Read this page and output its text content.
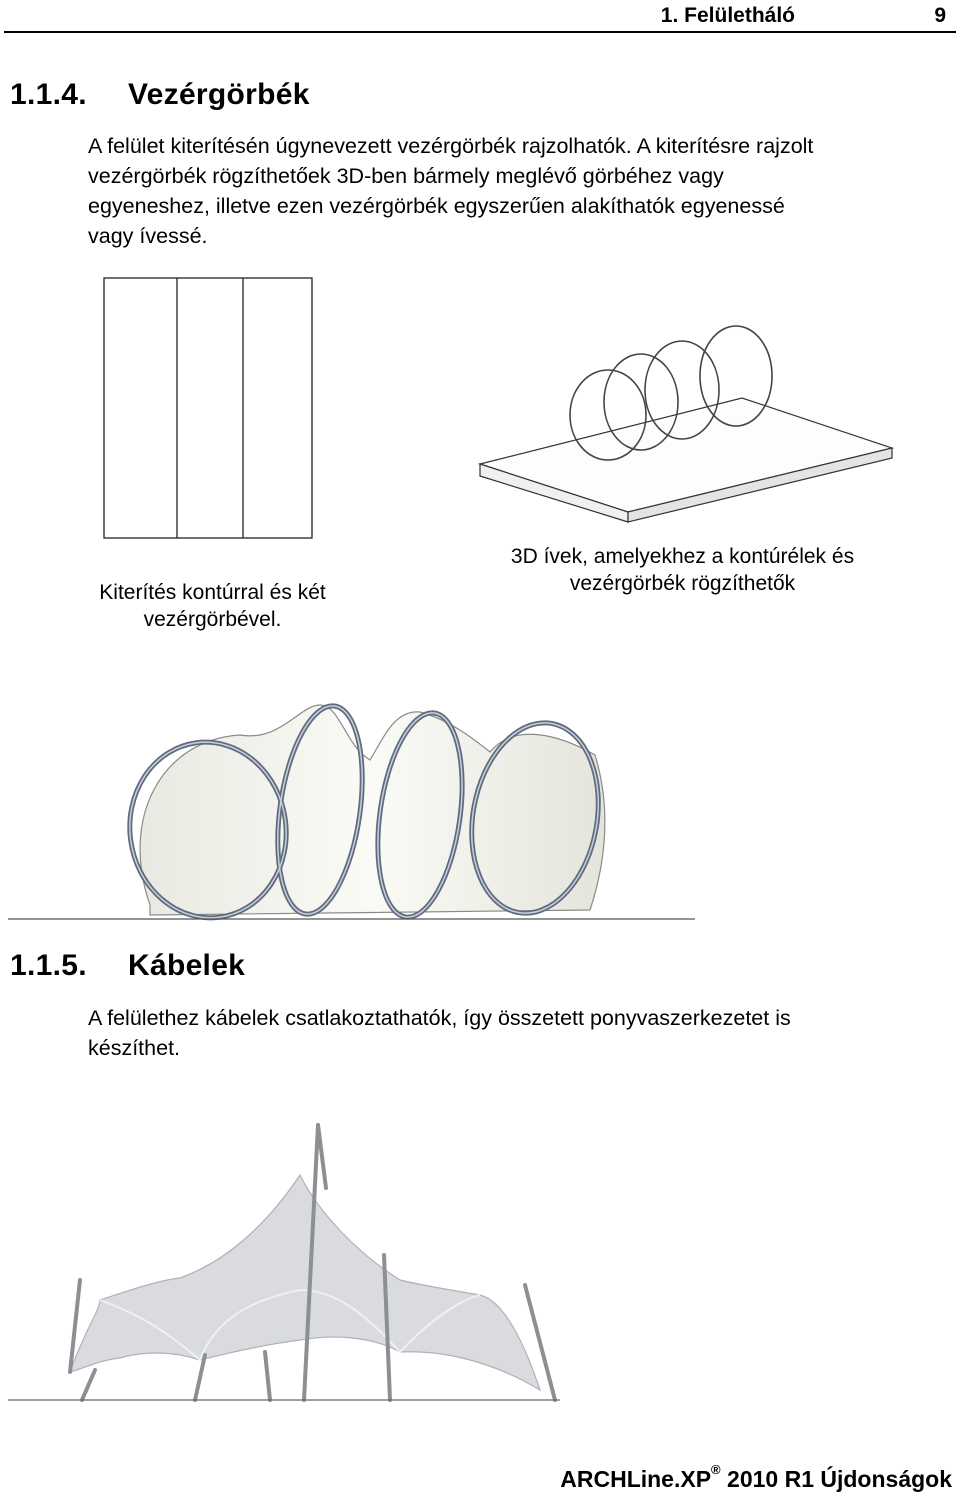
1. Felületháló	9
1.1.4. Vezérgörbék
A felület kiterítésén úgynevezett vezérgörbék rajzolhatók. A kiterítésre rajzolt
vezérgörbék rögzíthetőek 3D-ben bármely meglévő görbéhez vagy
egyeneshez, illetve ezen vezérgörbék egyszerűen alakíthatók egyenessé
vagy ívessé.
Kiterítés kontúrral és két
vezérgörbével.
3D ívek, amelyekhez a kontúrélek és
vezérgörbék rögzíthetők
1.1.5. Kábelek
A felülethez kábelek csatlakoztathatók, így összetett ponyvaszerkezetet is
készíthet.
ARCHLine.XP® 2010 R1 Újdonságok
